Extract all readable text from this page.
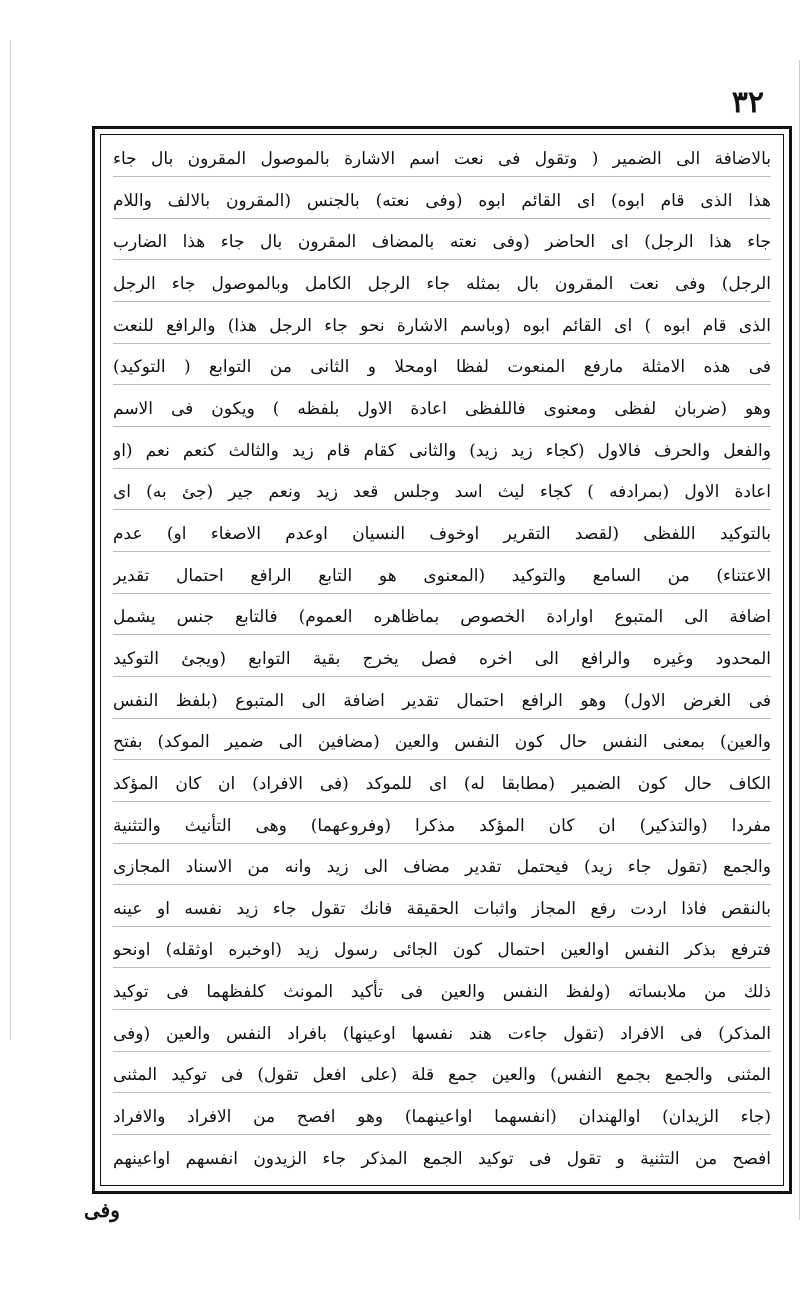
٣٢
بالاضافة الى الضمير ( وتقول فى نعت اسم الاشارة بالموصول المقرون بال جاء
هذا الذى قام ابوه) اى القائم ابوه (وفى نعته) بالجنس (المقرون بالالف واللام
جاء هذا الرجل) اى الحاضر (وفى نعته بالمضاف المقرون بال جاء هذا الضارب
الرجل) وفى نعت المقرون بال بمثله جاء الرجل الكامل وبالموصول جاء الرجل
الذى قام ابوه ) اى القائم ابوه (وباسم الاشارة نحو جاء الرجل هذا) والرافع للنعت
فى هذه الامثلة مارفع المنعوت لفظا اومحلا و الثانى من التوابع ( التوكيد)
وهو (ضربان لفظى ومعنوى فاللفظى اعادة الاول بلفظه ) ويكون فى الاسم
والفعل والحرف فالاول (كجاء زيد زيد) والثانى كقام قام زيد والثالث كنعم نعم (او
اعادة الاول (بمرادفه ) كجاء ليث اسد وجلس قعد زيد ونعم جير (جئ به) اى
بالتوكيد اللفظى (لقصد التقرير اوخوف النسيان اوعدم الاصغاء او) عدم
الاعتناء) من السامع والتوكيد (المعنوى هو التابع الرافع احتمال تقدير
اضافة الى المتبوع اوارادة الخصوص بماظاهره العموم) فالتابع جنس يشمل
المحدود وغيره والرافع الى اخره فصل يخرج بقية التوابع (ويجئ التوكيد
فى الغرض الاول) وهو الرافع احتمال تقدير اضافة الى المتبوع (بلفظ النفس
والعين) بمعنى النفس حال كون النفس والعين (مضافين الى ضمير الموكد) بفتح
الكاف حال كون الضمير (مطابقا له) اى للموكد (فى الافراد) ان كان المؤكد
مفردا (والتذكير) ان كان المؤكد مذكرا (وفروعهما) وهى التأنيث والتثنية
والجمع (تقول جاء زيد) فيحتمل تقدير مضاف الى زيد وانه من الاسناد المجازى
بالنقص فاذا اردت رفع المجاز واثبات الحقيقة فانك تقول جاء زيد نفسه او عينه
فترفع بذكر النفس اوالعين احتمال كون الجائى رسول زيد (اوخبره اوثقله) اونحو
ذلك من ملابساته (ولفظ النفس والعين فى تأكيد المونث كلفظهما فى توكيد
المذكر) فى الافراد (تقول جاءت هند نفسها اوعينها) بافراد النفس والعين (وفى
المثنى والجمع بجمع النفس) والعين جمع قلة (على افعل تقول) فى توكيد المثنى
(جاء الزيدان) اوالهندان (انفسهما اواعينهما) وهو افصح من الافراد والافراد
افصح من التثنية و تقول فى توكيد الجمع المذكر جاء الزيدون انفسهم اواعينهم
وفى
